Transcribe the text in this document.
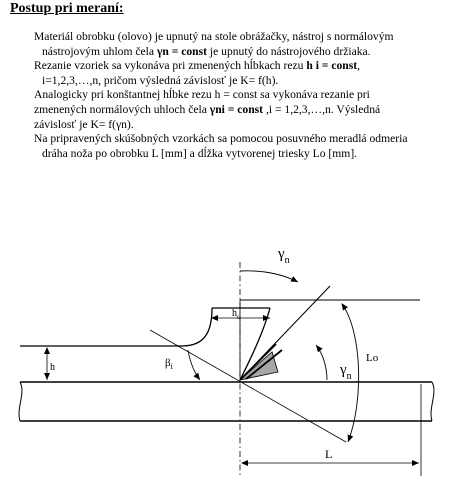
Postup pri meraní:
Materiál obrobku (olovo) je upnutý na stole obrážačky, nástroj s normálovým
nástrojovým uhlom čela γn = const je upnutý do nástrojového držiaka.
Rezanie vzoriek sa vykonáva pri zmenených hĺbkach rezu h i = const,
i=1,2,3,…,n, pričom výsledná závislosť je K= f(h).
Analogicky pri konštantnej hĺbke rezu h = const sa vykonáva rezanie pri
zmenených normálových uhloch čela γni = const ,i = 1,2,3,…,n. Výsledná
závislosť je K= f(γn).
Na pripravených skúšobných vzorkách sa pomocou posuvného meradlá odmeria
dráha noža po obrobku L [mm] a dĺžka vytvorenej triesky Lo [mm].
$\gamma_n$
$h_o$
$\beta_i$
h
Lo
$\gamma_n$
L
